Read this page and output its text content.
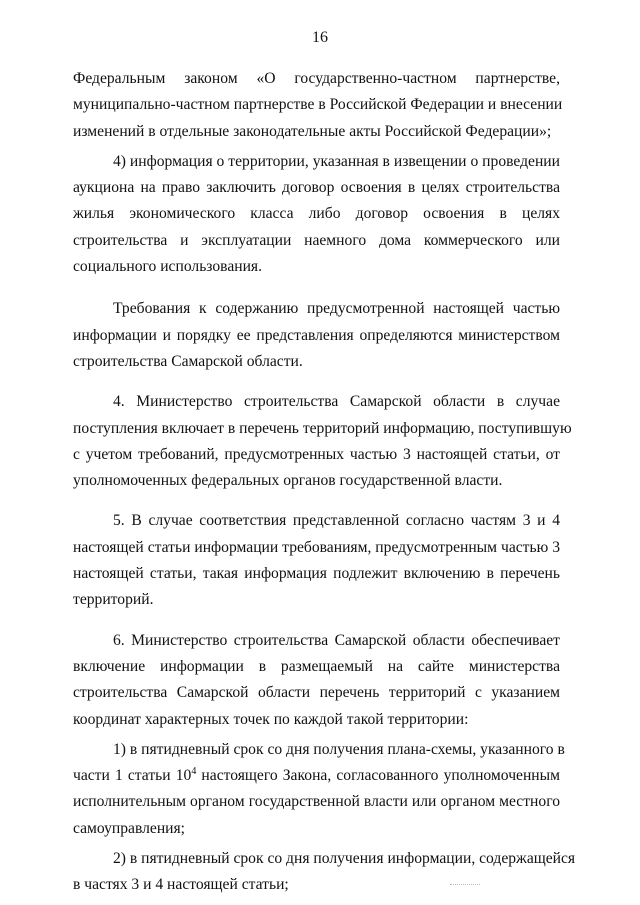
16

Федеральным законом «О государственно-частном партнерстве,
муниципально-частном партнерстве в Российской Федерации и внесении
изменений в отдельные законодательные акты Российской Федерации»;

4) информация о территории, указанная в извещении о проведении
аукциона на право заключить договор освоения в целях строительства
жилья экономического класса либо договор освоения в целях
строительства и эксплуатации наемного дома коммерческого или
социального использования.

Требования к содержанию предусмотренной настоящей частью
информации и порядку ее представления определяются министерством
строительства Самарской области.

4. Министерство строительства Самарской области в случае
поступления включает в перечень территорий информацию, поступившую
с учетом требований, предусмотренных частью 3 настоящей статьи, от
уполномоченных федеральных органов государственной власти.

5. В случае соответствия представленной согласно частям 3 и 4
настоящей статьи информации требованиям, предусмотренным частью 3
настоящей статьи, такая информация подлежит включению в перечень
территорий.

6. Министерство строительства Самарской области обеспечивает
включение информации в размещаемый на сайте министерства
строительства Самарской области перечень территорий с указанием
координат характерных точек по каждой такой территории:

1) в пятидневный срок со дня получения плана-схемы, указанного в
части 1 статьи $10^4$ настоящего Закона, согласованного уполномоченным
исполнительным органом государственной власти или органом местного
самоуправления;

2) в пятидневный срок со дня получения информации, содержащейся
в частях 3 и 4 настоящей статьи;
